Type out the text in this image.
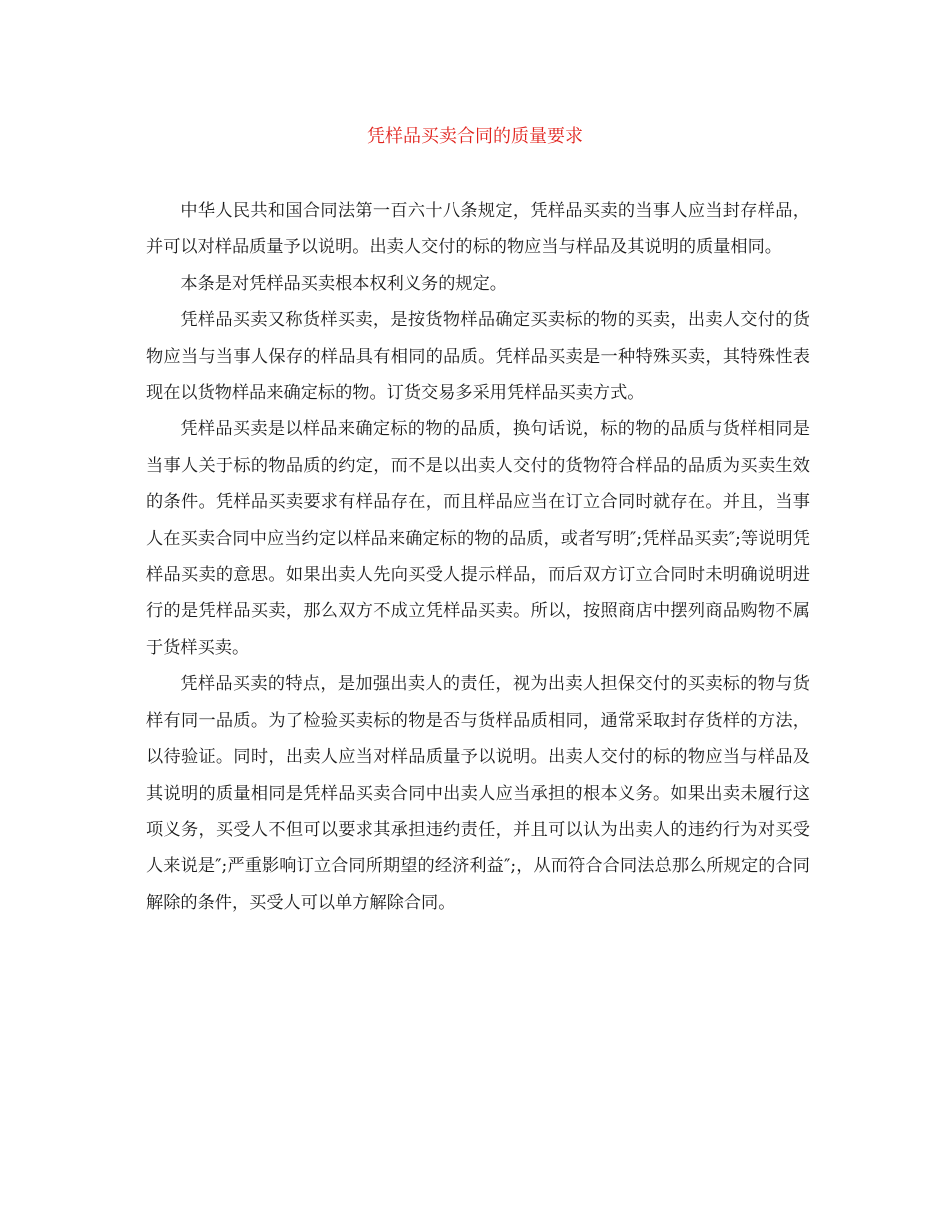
凭样品买卖合同的质量要求

中华人民共和国合同法第一百六十八条规定，凭样品买卖的当事人应当封存样品，并可以对样品质量予以说明。出卖人交付的标的物应当与样品及其说明的质量相同。

本条是对凭样品买卖根本权利义务的规定。

凭样品买卖又称货样买卖，是按货物样品确定买卖标的物的买卖，出卖人交付的货物应当与当事人保存的样品具有相同的品质。凭样品买卖是一种特殊买卖，其特殊性表现在以货物样品来确定标的物。订货交易多采用凭样品买卖方式。

凭样品买卖是以样品来确定标的物的品质，换句话说，标的物的品质与货样相同是当事人关于标的物品质的约定，而不是以出卖人交付的货物符合样品的品质为买卖生效的条件。凭样品买卖要求有样品存在，而且样品应当在订立合同时就存在。并且，当事人在买卖合同中应当约定以样品来确定标的物的品质，或者写明″;凭样品买卖″;等说明凭样品买卖的意思。如果出卖人先向买受人提示样品，而后双方订立合同时未明确说明进行的是凭样品买卖，那么双方不成立凭样品买卖。所以，按照商店中摆列商品购物不属于货样买卖。

凭样品买卖的特点，是加强出卖人的责任，视为出卖人担保交付的买卖标的物与货样有同一品质。为了检验买卖标的物是否与货样品质相同，通常采取封存货样的方法，以待验证。同时，出卖人应当对样品质量予以说明。出卖人交付的标的物应当与样品及其说明的质量相同是凭样品买卖合同中出卖人应当承担的根本义务。如果出卖未履行这项义务，买受人不但可以要求其承担违约责任，并且可以认为出卖人的违约行为对买受人来说是″;严重影响订立合同所期望的经济利益″;，从而符合合同法总那么所规定的合同解除的条件，买受人可以单方解除合同。
